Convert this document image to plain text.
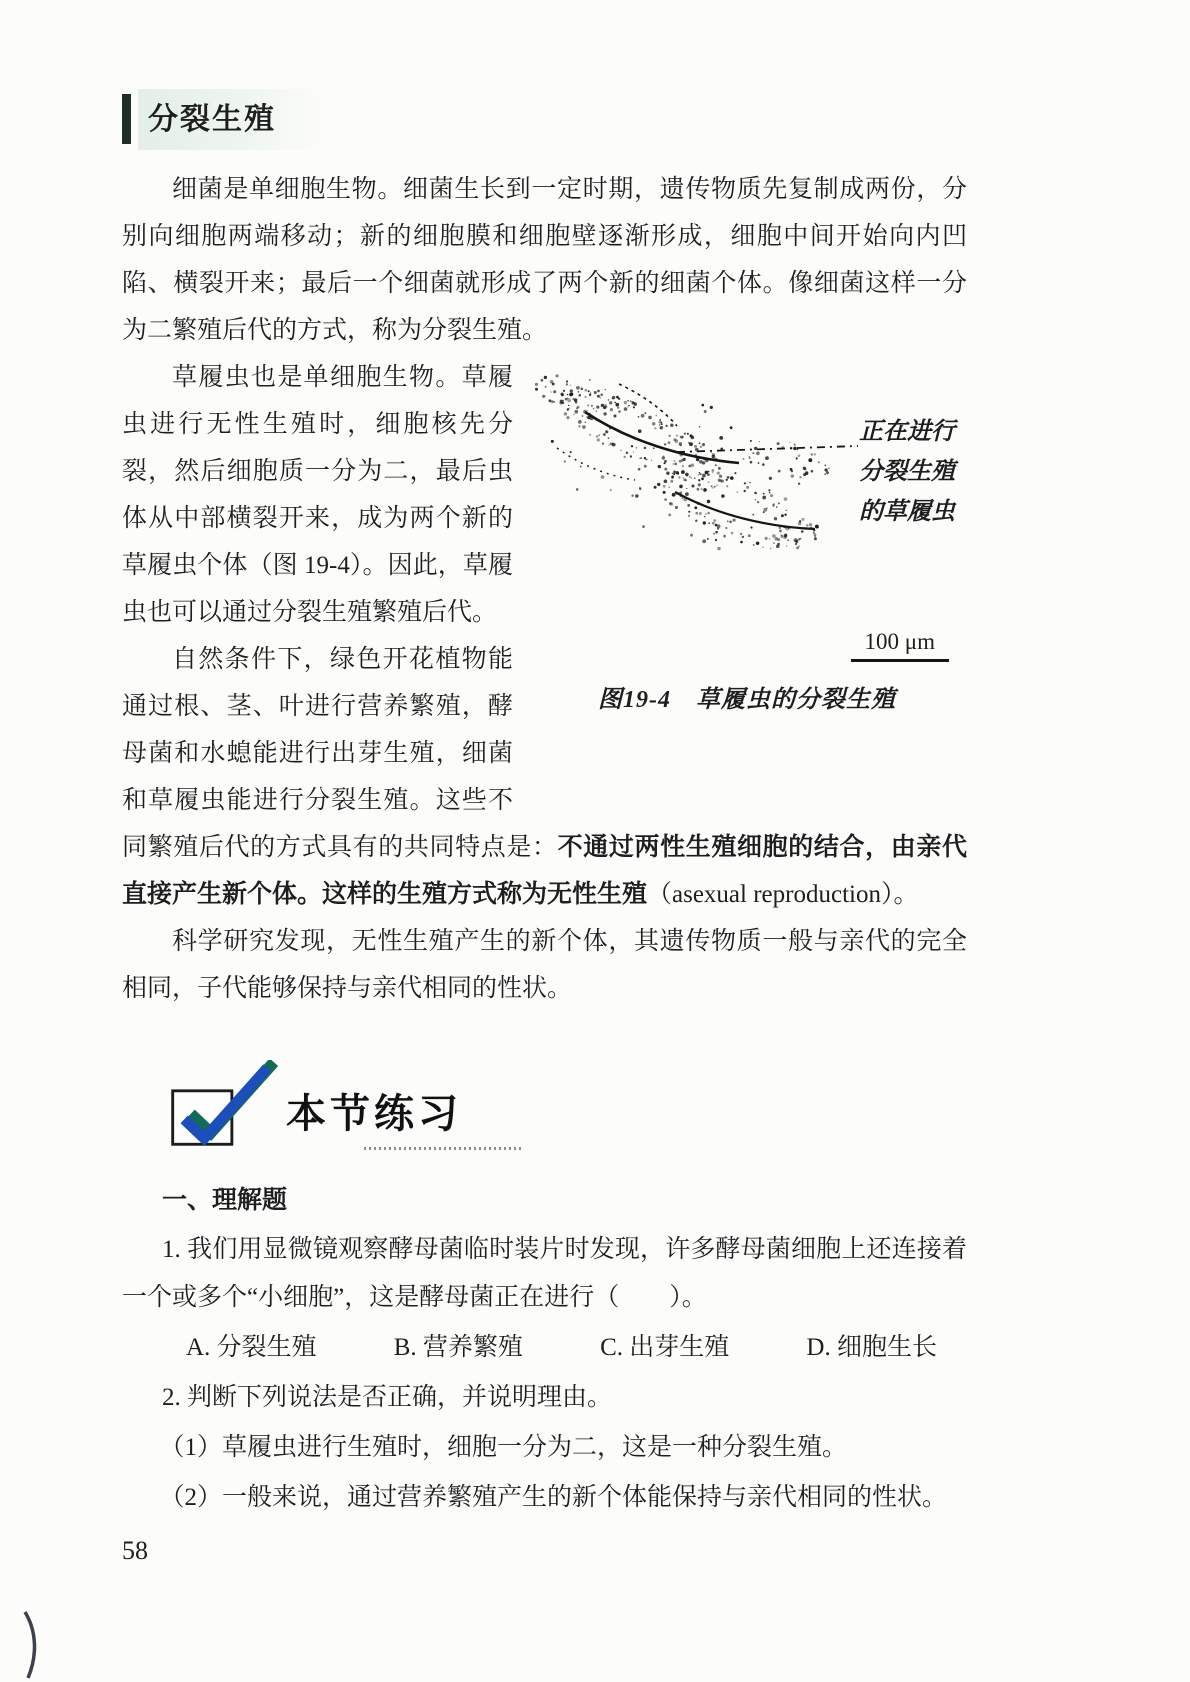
分裂生殖

细菌是单细胞生物。细菌生长到一定时期，遗传物质先复制成两份，分别向细胞两端移动；新的细胞膜和细胞壁逐渐形成，细胞中间开始向内凹陷、横裂开来；最后一个细菌就形成了两个新的细菌个体。像细菌这样一分为二繁殖后代的方式，称为分裂生殖。

正在进行
分裂生殖
的草履虫
100 μm
图19-4　草履虫的分裂生殖

草履虫也是单细胞生物。草履虫进行无性生殖时，细胞核先分裂，然后细胞质一分为二，最后虫体从中部横裂开来，成为两个新的草履虫个体（图 19-4）。因此，草履虫也可以通过分裂生殖繁殖后代。

自然条件下，绿色开花植物能通过根、茎、叶进行营养繁殖，酵母菌和水螅能进行出芽生殖，细菌和草履虫能进行分裂生殖。这些不同繁殖后代的方式具有的共同特点是：不通过两性生殖细胞的结合，由亲代直接产生新个体。这样的生殖方式称为无性生殖（asexual reproduction）。

科学研究发现，无性生殖产生的新个体，其遗传物质一般与亲代的完全相同，子代能够保持与亲代相同的性状。

本节练习

一、理解题

1. 我们用显微镜观察酵母菌临时装片时发现，许多酵母菌细胞上还连接着一个或多个“小细胞”，这是酵母菌正在进行（　　）。

A. 分裂生殖	B. 营养繁殖	C. 出芽生殖	D. 细胞生长

2. 判断下列说法是否正确，并说明理由。

（1）草履虫进行生殖时，细胞一分为二，这是一种分裂生殖。

（2）一般来说，通过营养繁殖产生的新个体能保持与亲代相同的性状。

58
